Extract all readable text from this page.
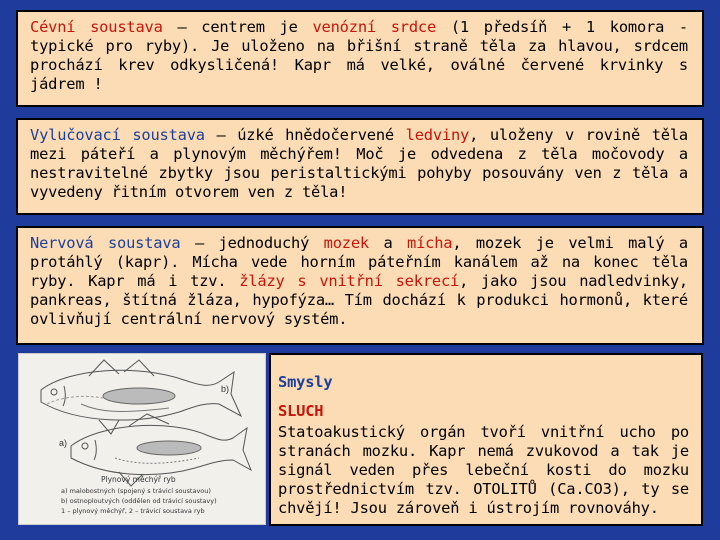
Cévní soustava – centrem je venózní srdce (1 předsíň + 1 komora - typické pro ryby). Je uloženo na břišní straně těla za hlavou, srdcem prochází krev odkysličená! Kapr má velké, oválné červené krvinky s jádrem !
Vylučovací soustava – úzké hnědočervené ledviny, uloženy v rovině těla mezi páteří a plynovým měchýřem! Moč je odvedena z těla močovody a nestravitelné zbytky jsou peristaltickými pohyby posouvány ven z těla a vyvedeny řitním otvorem ven z těla!
Nervová soustava – jednoduchý mozek a mícha, mozek je velmi malý a protáhlý (kapr). Mícha vede horním páteřním kanálem až na konec těla ryby. Kapr má i tzv. žlázy s vnitřní sekrecí, jako jsou nadledvinky, pankreas, štítná žláza, hypofýza… Tím dochází k produkci hormonů, které ovlivňují centrální nervový systém.
b)
a)
Plynový měchýř ryb
a) malobostných (spojený s trávicí soustavou)
b) ostnoploutvých (oddělen od trávicí soustavy)
1 – plynový měchýř, 2 – trávicí soustava ryb
Smysly
SLUCH
Statoakustický orgán tvoří vnitřní ucho po stranách mozku. Kapr nemá zvukovod a tak je signál veden přes lebeční kosti do mozku prostřednictvím tzv. OTOLITŮ (Ca.CO3), ty se chvějí! Jsou zároveň i ústrojím rovnováhy.
